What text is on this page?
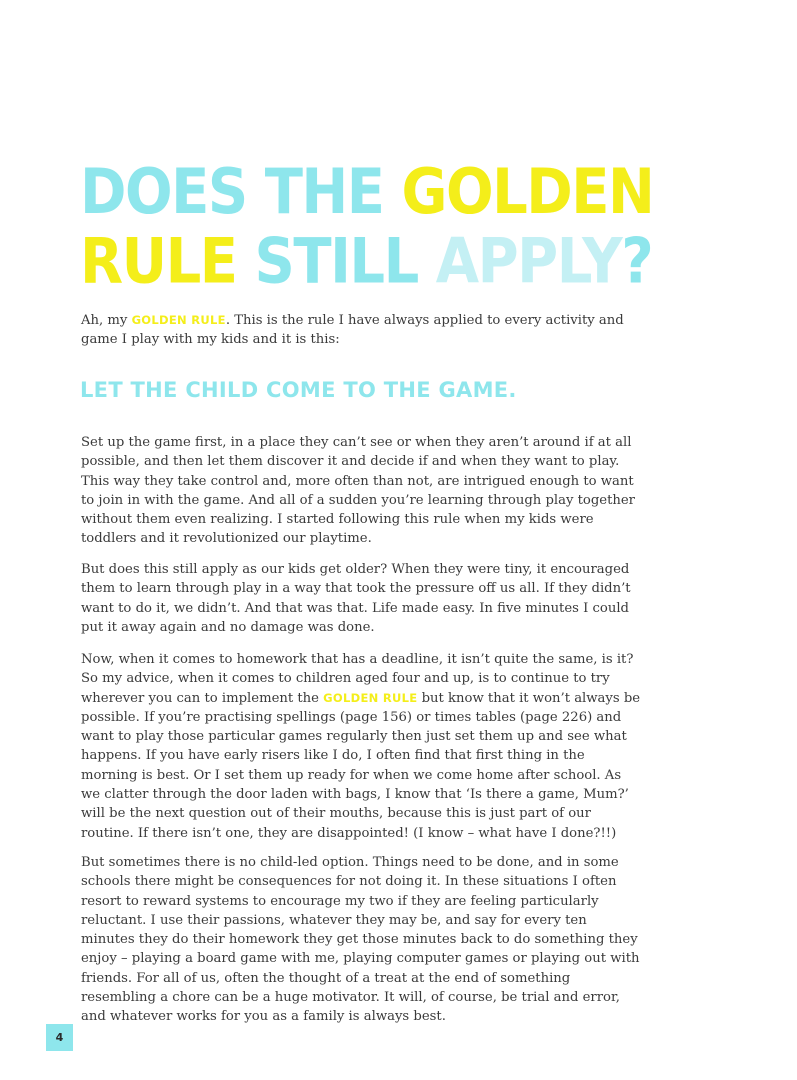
DOES THE GOLDEN
RULE STILL APPLY?

Ah, my GOLDEN RULE. This is the rule I have always applied to every activity and game I play with my kids and it is this:

LET THE CHILD COME TO THE GAME.

Set up the game first, in a place they can’t see or when they aren’t around if at all possible, and then let them discover it and decide if and when they want to play. This way they take control and, more often than not, are intrigued enough to want to join in with the game. And all of a sudden you’re learning through play together without them even realizing. I started following this rule when my kids were toddlers and it revolutionized our playtime.

But does this still apply as our kids get older? When they were tiny, it encouraged them to learn through play in a way that took the pressure off us all. If they didn’t want to do it, we didn’t. And that was that. Life made easy. In five minutes I could put it away again and no damage was done.

Now, when it comes to homework that has a deadline, it isn’t quite the same, is it? So my advice, when it comes to children aged four and up, is to continue to try wherever you can to implement the GOLDEN RULE but know that it won’t always be possible. If you’re practising spellings (page 156) or times tables (page 226) and want to play those particular games regularly then just set them up and see what happens. If you have early risers like I do, I often find that first thing in the morning is best. Or I set them up ready for when we come home after school. As we clatter through the door laden with bags, I know that ‘Is there a game, Mum?’ will be the next question out of their mouths, because this is just part of our routine. If there isn’t one, they are disappointed! (I know – what have I done?!!)

But sometimes there is no child-led option. Things need to be done, and in some schools there might be consequences for not doing it. In these situations I often resort to reward systems to encourage my two if they are feeling particularly reluctant. I use their passions, whatever they may be, and say for every ten minutes they do their homework they get those minutes back to do something they enjoy – playing a board game with me, playing computer games or playing out with friends. For all of us, often the thought of a treat at the end of something resembling a chore can be a huge motivator. It will, of course, be trial and error, and whatever works for you as a family is always best.

4
